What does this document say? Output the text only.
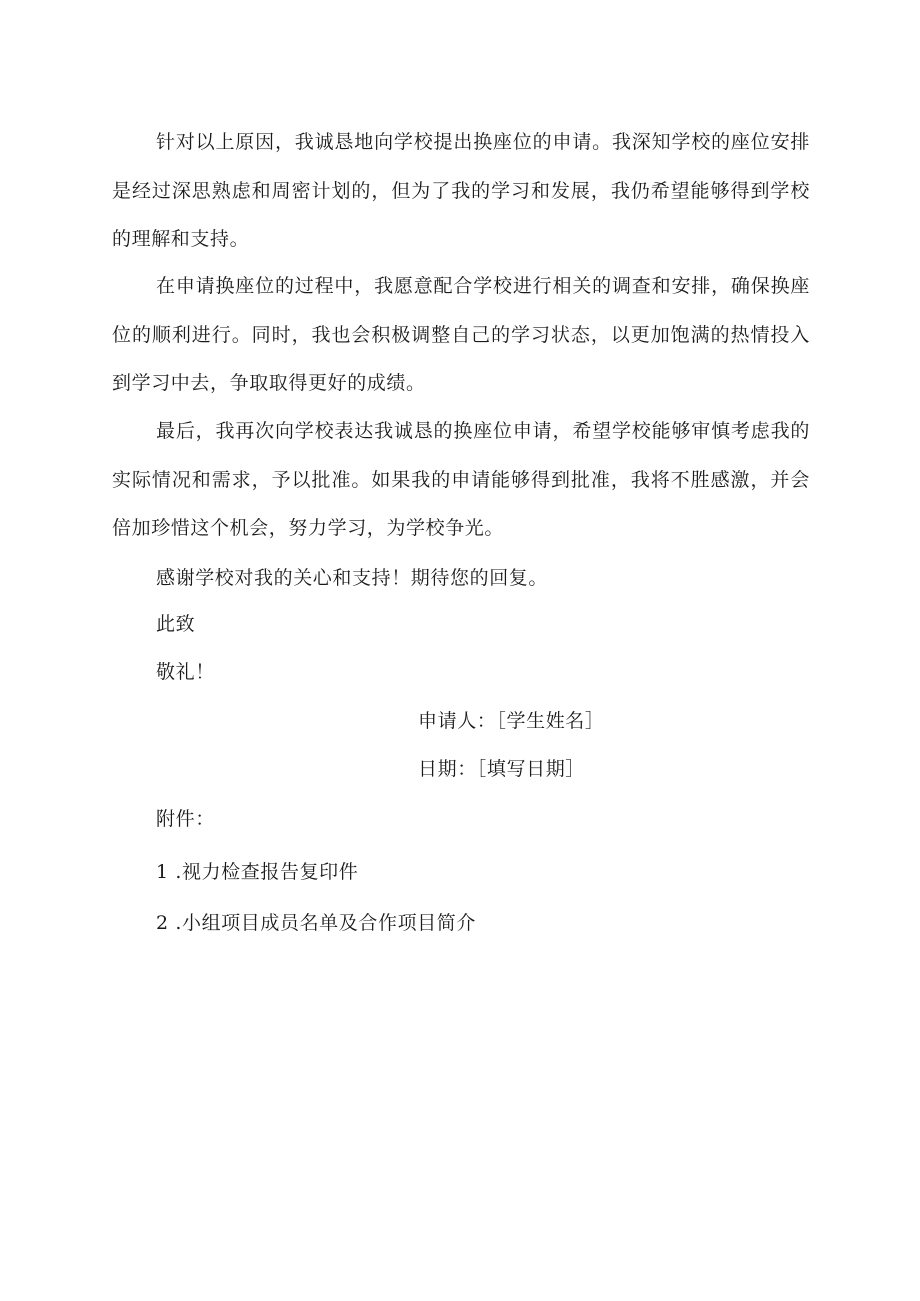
针对以上原因，我诚恳地向学校提出换座位的申请。我深知学校的座位安排是经过深思熟虑和周密计划的，但为了我的学习和发展，我仍希望能够得到学校的理解和支持。

在申请换座位的过程中，我愿意配合学校进行相关的调查和安排，确保换座位的顺利进行。同时，我也会积极调整自己的学习状态，以更加饱满的热情投入到学习中去，争取取得更好的成绩。

最后，我再次向学校表达我诚恳的换座位申请，希望学校能够审慎考虑我的实际情况和需求，予以批准。如果我的申请能够得到批准，我将不胜感激，并会倍加珍惜这个机会，努力学习，为学校争光。

感谢学校对我的关心和支持！期待您的回复。

此致

敬礼！

申请人：［学生姓名］

日期：［填写日期］

附件：

1 .视力检查报告复印件

2 .小组项目成员名单及合作项目简介
